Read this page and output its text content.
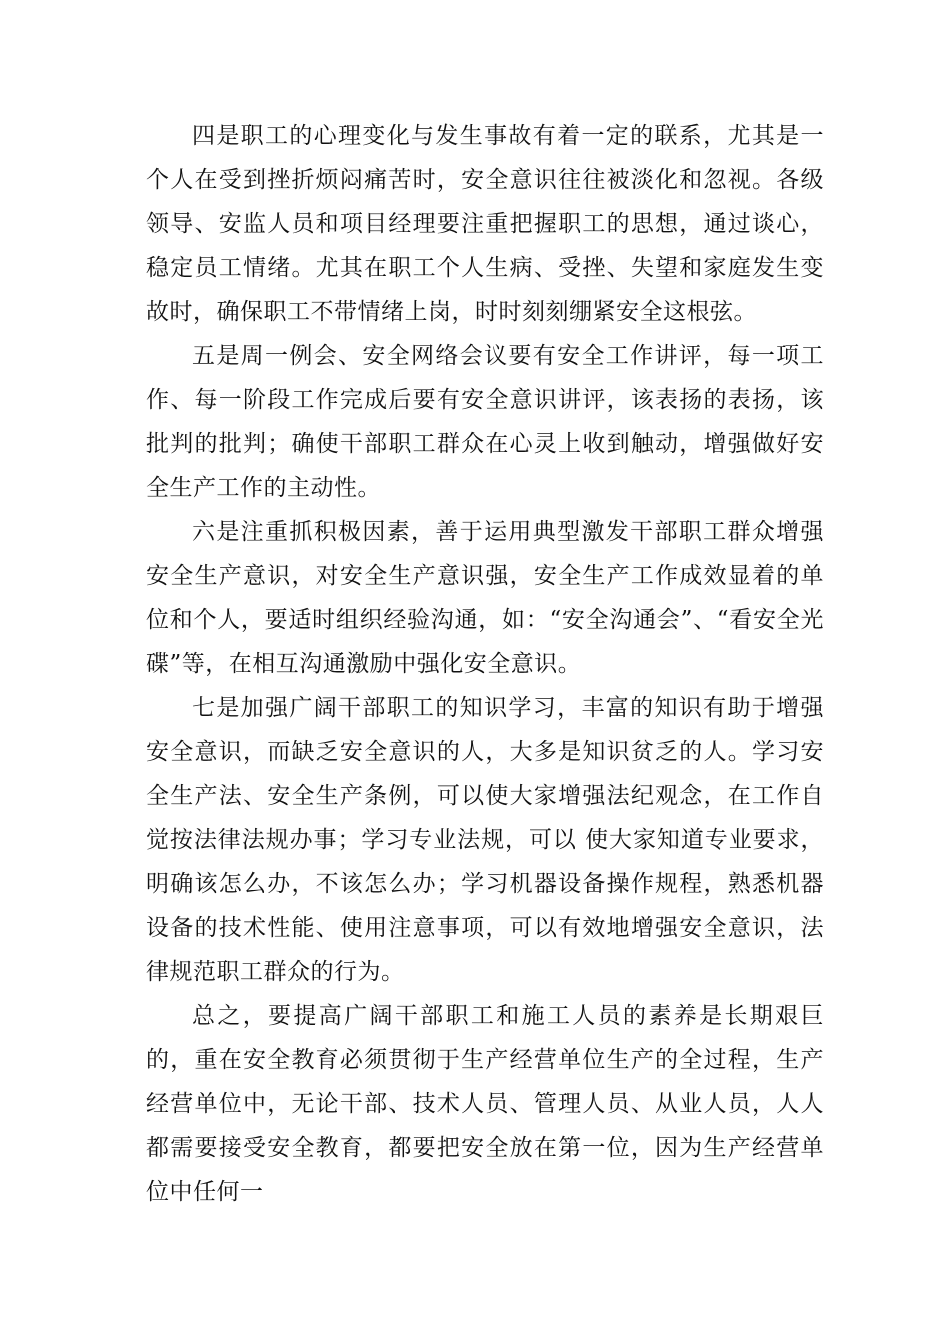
四是职工的心理变化与发生事故有着一定的联系，尤其是一个人在受到挫折烦闷痛苦时，安全意识往往被淡化和忽视。各级领导、安监人员和项目经理要注重把握职工的思想，通过谈心，稳定员工情绪。尤其在职工个人生病、受挫、失望和家庭发生变故时，确保职工不带情绪上岗，时时刻刻绷紧安全这根弦。

五是周一例会、安全网络会议要有安全工作讲评，每一项工作、每一阶段工作完成后要有安全意识讲评，该表扬的表扬，该批判的批判；确使干部职工群众在心灵上收到触动，增强做好安全生产工作的主动性。

六是注重抓积极因素，善于运用典型激发干部职工群众增强安全生产意识，对安全生产意识强，安全生产工作成效显着的单位和个人，要适时组织经验沟通，如：“安全沟通会”、“看安全光碟”等，在相互沟通激励中强化安全意识。

七是加强广阔干部职工的知识学习，丰富的知识有助于增强安全意识，而缺乏安全意识的人，大多是知识贫乏的人。学习安全生产法、安全生产条例，可以使大家增强法纪观念，在工作自觉按法律法规办事；学习专业法规，可以 使大家知道专业要求，明确该怎么办，不该怎么办；学习机器设备操作规程，熟悉机器设备的技术性能、使用注意事项，可以有效地增强安全意识，法律规范职工群众的行为。

总之，要提高广阔干部职工和施工人员的素养是长期艰巨的，重在安全教育必须贯彻于生产经营单位生产的全过程，生产经营单位中，无论干部、技术人员、管理人员、从业人员，人人都需要接受安全教育，都要把安全放在第一位，因为生产经营单位中任何一
